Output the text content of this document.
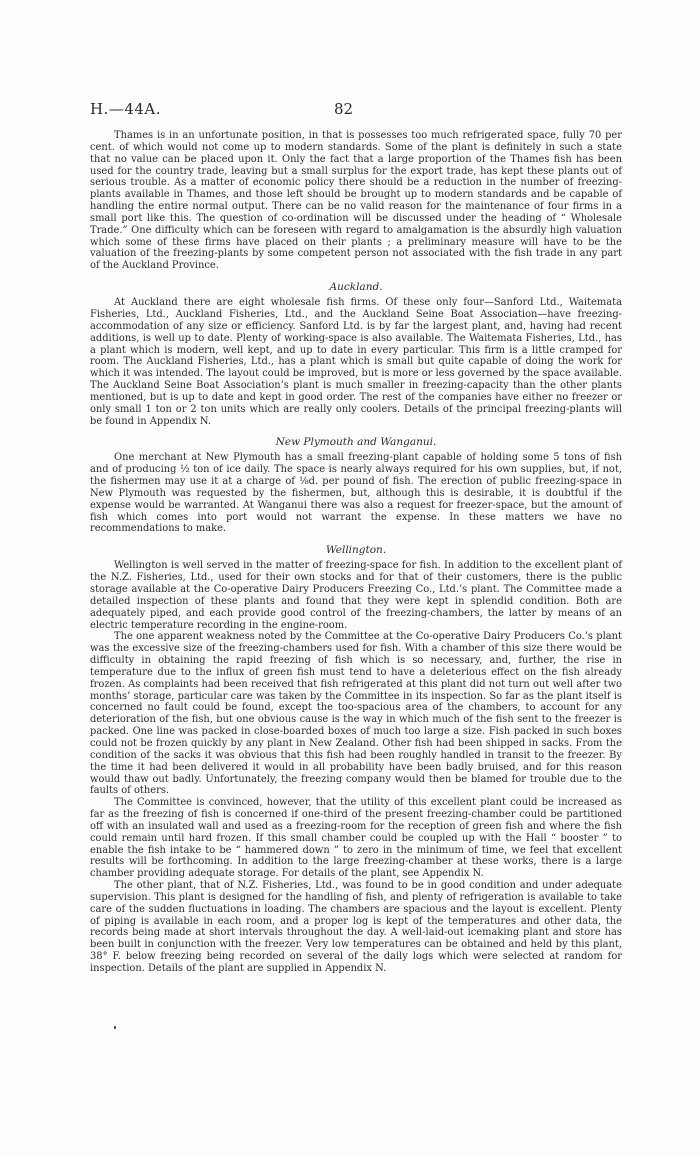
H.—44A.	82

Thames is in an unfortunate position, in that is possesses too much refrigerated space, fully 70 per cent. of which would not come up to modern standards. Some of the plant is definitely in such a state that no value can be placed upon it. Only the fact that a large proportion of the Thames fish has been used for the country trade, leaving but a small surplus for the export trade, has kept these plants out of serious trouble. As a matter of economic policy there should be a reduction in the number of freezing-plants available in Thames, and those left should be brought up to modern standards and be capable of handling the entire normal output. There can be no valid reason for the maintenance of four firms in a small port like this. The question of co-ordination will be discussed under the heading of “ Wholesale Trade.” One difficulty which can be foreseen with regard to amalgamation is the absurdly high valuation which some of these firms have placed on their plants ; a preliminary measure will have to be the valuation of the freezing-plants by some competent person not associated with the fish trade in any part of the Auckland Province.

Auckland.

At Auckland there are eight wholesale fish firms. Of these only four—Sanford Ltd., Waitemata Fisheries, Ltd., Auckland Fisheries, Ltd., and the Auckland Seine Boat Association—have freezing-accommodation of any size or efficiency. Sanford Ltd. is by far the largest plant, and, having had recent additions, is well up to date. Plenty of working-space is also available. The Waitemata Fisheries, Ltd., has a plant which is modern, well kept, and up to date in every particular. This firm is a little cramped for room. The Auckland Fisheries, Ltd., has a plant which is small but quite capable of doing the work for which it was intended. The layout could be improved, but is more or less governed by the space available. The Auckland Seine Boat Association’s plant is much smaller in freezing-capacity than the other plants mentioned, but is up to date and kept in good order. The rest of the companies have either no freezer or only small 1 ton or 2 ton units which are really only coolers. Details of the principal freezing-plants will be found in Appendix N.

New Plymouth and Wanganui.

One merchant at New Plymouth has a small freezing-plant capable of holding some 5 tons of fish and of producing ½ ton of ice daily. The space is nearly always required for his own supplies, but, if not, the fishermen may use it at a charge of ⅛d. per pound of fish. The erection of public freezing-space in New Plymouth was requested by the fishermen, but, although this is desirable, it is doubtful if the expense would be warranted. At Wanganui there was also a request for freezer-space, but the amount of fish which comes into port would not warrant the expense. In these matters we have no recommendations to make.

Wellington.

Wellington is well served in the matter of freezing-space for fish. In addition to the excellent plant of the N.Z. Fisheries, Ltd., used for their own stocks and for that of their customers, there is the public storage available at the Co-operative Dairy Producers Freezing Co., Ltd.’s plant. The Committee made a detailed inspection of these plants and found that they were kept in splendid condition. Both are adequately piped, and each provide good control of the freezing-chambers, the latter by means of an electric temperature recording in the engine-room.

The one apparent weakness noted by the Committee at the Co-operative Dairy Producers Co.’s plant was the excessive size of the freezing-chambers used for fish. With a chamber of this size there would be difficulty in obtaining the rapid freezing of fish which is so necessary, and, further, the rise in temperature due to the influx of green fish must tend to have a deleterious effect on the fish already frozen. As complaints had been received that fish refrigerated at this plant did not turn out well after two months’ storage, particular care was taken by the Committee in its inspection. So far as the plant itself is concerned no fault could be found, except the too-spacious area of the chambers, to account for any deterioration of the fish, but one obvious cause is the way in which much of the fish sent to the freezer is packed. One line was packed in close-boarded boxes of much too large a size. Fish packed in such boxes could not be frozen quickly by any plant in New Zealand. Other fish had been shipped in sacks. From the condition of the sacks it was obvious that this fish had been roughly handled in transit to the freezer. By the time it had been delivered it would in all probability have been badly bruised, and for this reason would thaw out badly. Unfortunately, the freezing company would then be blamed for trouble due to the faults of others.

The Committee is convinced, however, that the utility of this excellent plant could be increased as far as the freezing of fish is concerned if one-third of the present freezing-chamber could be partitioned off with an insulated wall and used as a freezing-room for the reception of green fish and where the fish could remain until hard frozen. If this small chamber could be coupled up with the Hall “ booster ” to enable the fish intake to be “ hammered down ” to zero in the minimum of time, we feel that excellent results will be forthcoming. In addition to the large freezing-chamber at these works, there is a large chamber providing adequate storage. For details of the plant, see Appendix N.

The other plant, that of N.Z. Fisheries, Ltd., was found to be in good condition and under adequate supervision. This plant is designed for the handling of fish, and plenty of refrigeration is available to take care of the sudden fluctuations in loading. The chambers are spacious and the layout is excellent. Plenty of piping is available in each room, and a proper log is kept of the temperatures and other data, the records being made at short intervals throughout the day. A well-laid-out icemaking plant and store has been built in conjunction with the freezer. Very low temperatures can be obtained and held by this plant, 38° F. below freezing being recorded on several of the daily logs which were selected at random for inspection. Details of the plant are supplied in Appendix N.
